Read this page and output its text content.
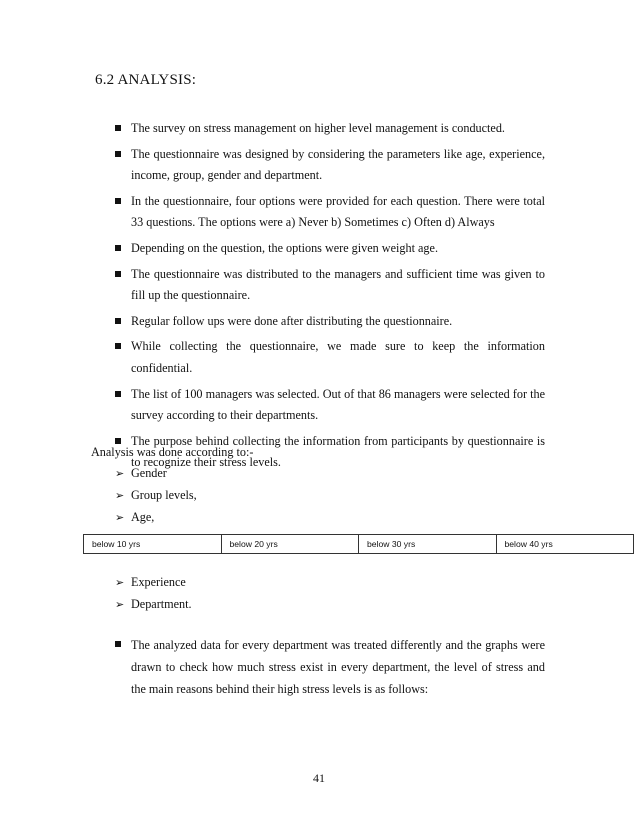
6.2 ANALYSIS:
The survey on stress management on higher level management is conducted.
The questionnaire was designed by considering the parameters like age, experience, income, group, gender and department.
In the questionnaire, four options were provided for each question. There were total 33 questions. The options were a) Never b) Sometimes c) Often d) Always
Depending on the question, the options were given weight age.
The questionnaire was distributed to the managers and sufficient time was given to fill up the questionnaire.
Regular follow ups were done after distributing the questionnaire.
While collecting the questionnaire, we made sure to keep the information confidential.
The list of 100 managers was selected. Out of that 86 managers were selected for the survey according to their departments.
The purpose behind collecting the information from participants by questionnaire is to recognize their stress levels.
Analysis was done according to:-
➢ Gender
➢ Group levels,
➢ Age,
below 10 yrs	below 20 yrs	below 30 yrs	below 40 yrs
➢ Experience
➢ Department.
The analyzed data for every department was treated differently and the graphs were drawn to check how much stress exist in every department, the level of stress and the main reasons behind their high stress levels is as follows:
41
